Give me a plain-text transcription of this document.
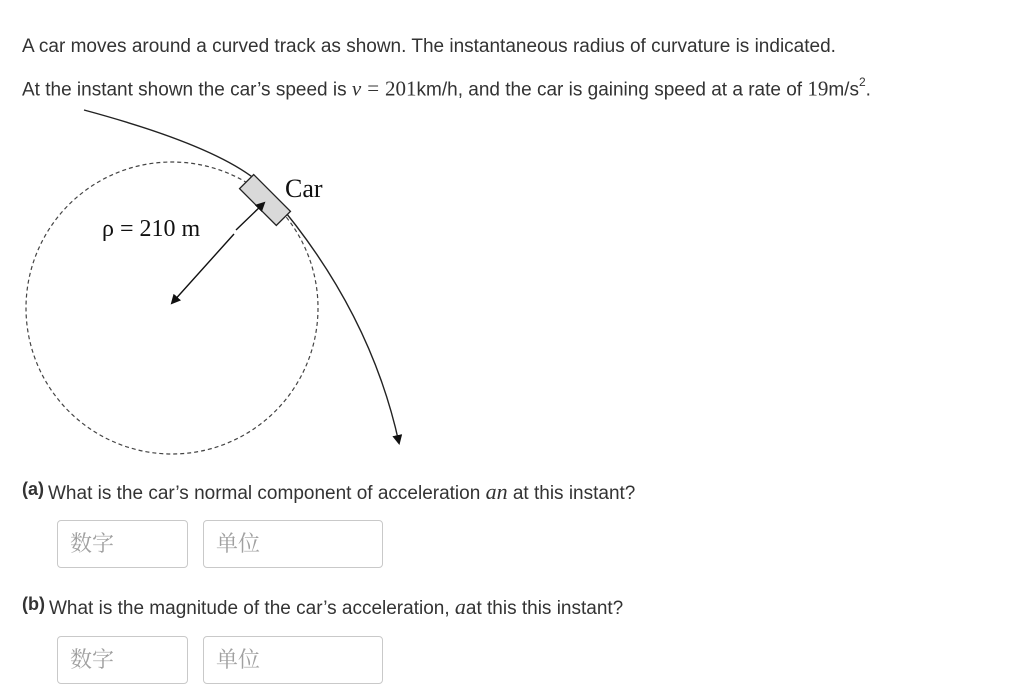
A car moves around a curved track as shown. The instantaneous radius of curvature is indicated.
At the instant shown the car’s speed is v = 201km/h, and the car is gaining speed at a rate of $19m/s^2$.
Car
ρ = 210 m
(a) What is the car’s normal component of acceleration an at this instant?
数字
单位
(b) What is the magnitude of the car’s acceleration, aat this this instant?
数字
单位
